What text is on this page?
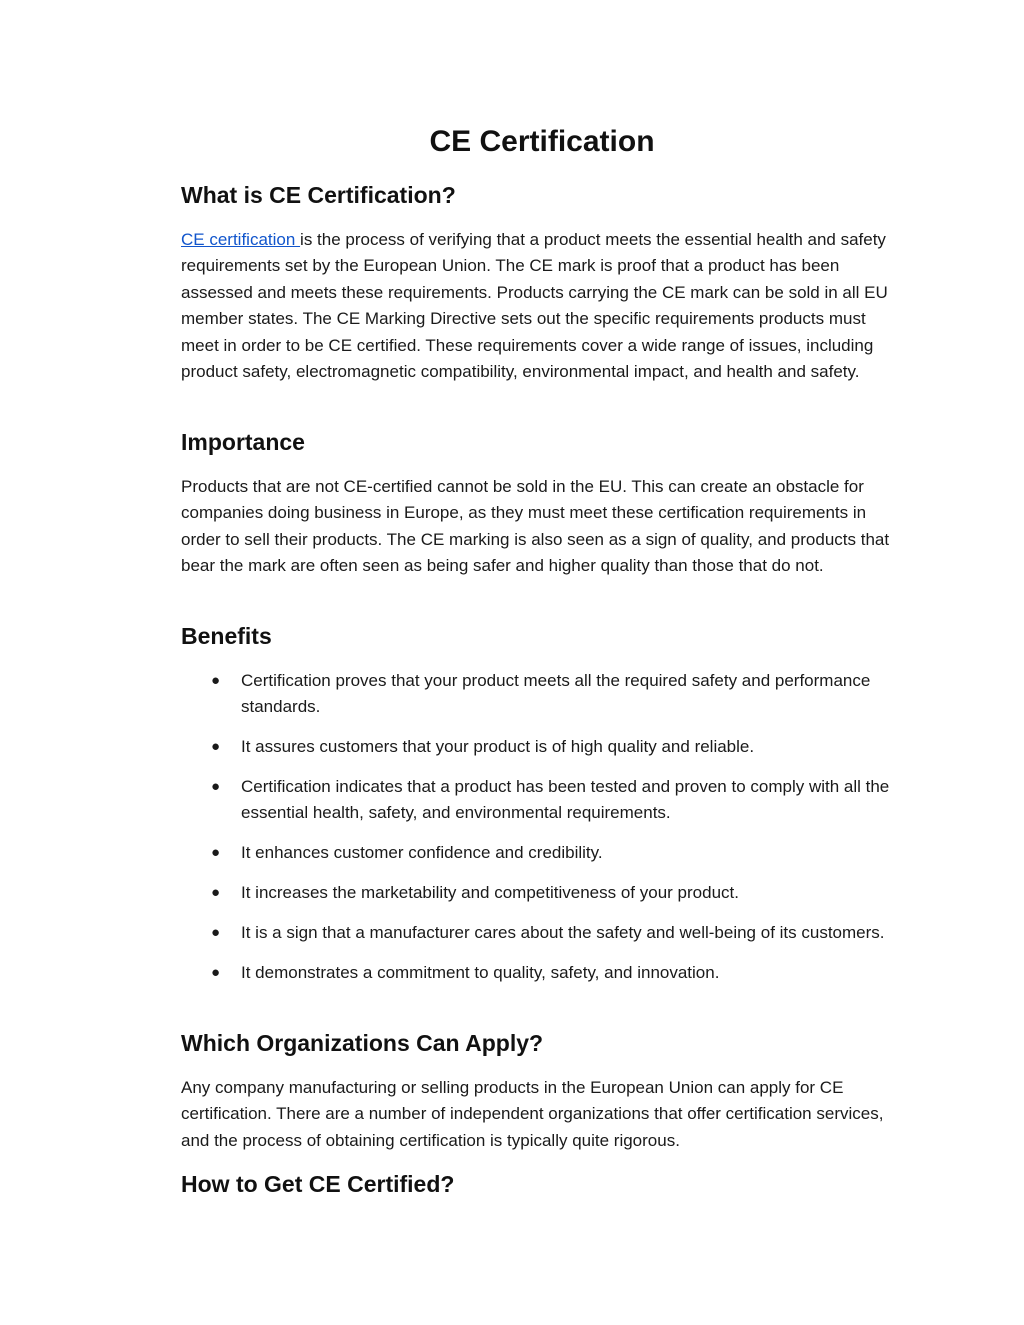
CE Certification
What is CE Certification?

CE certification is the process of verifying that a product meets the essential health and safety requirements set by the European Union. The CE mark is proof that a product has been assessed and meets these requirements. Products carrying the CE mark can be sold in all EU member states. The CE Marking Directive sets out the specific requirements products must meet in order to be CE certified. These requirements cover a wide range of issues, including product safety, electromagnetic compatibility, environmental impact, and health and safety.

Importance

Products that are not CE-certified cannot be sold in the EU. This can create an obstacle for companies doing business in Europe, as they must meet these certification requirements in order to sell their products. The CE marking is also seen as a sign of quality, and products that bear the mark are often seen as being safer and higher quality than those that do not.

Benefits
● Certification proves that your product meets all the required safety and performance standards.
● It assures customers that your product is of high quality and reliable.
● Certification indicates that a product has been tested and proven to comply with all the essential health, safety, and environmental requirements.
● It enhances customer confidence and credibility.
● It increases the marketability and competitiveness of your product.
● It is a sign that a manufacturer cares about the safety and well-being of its customers.
● It demonstrates a commitment to quality, safety, and innovation.
Which Organizations Can Apply?

Any company manufacturing or selling products in the European Union can apply for CE certification. There are a number of independent organizations that offer certification services, and the process of obtaining certification is typically quite rigorous.

How to Get CE Certified?
